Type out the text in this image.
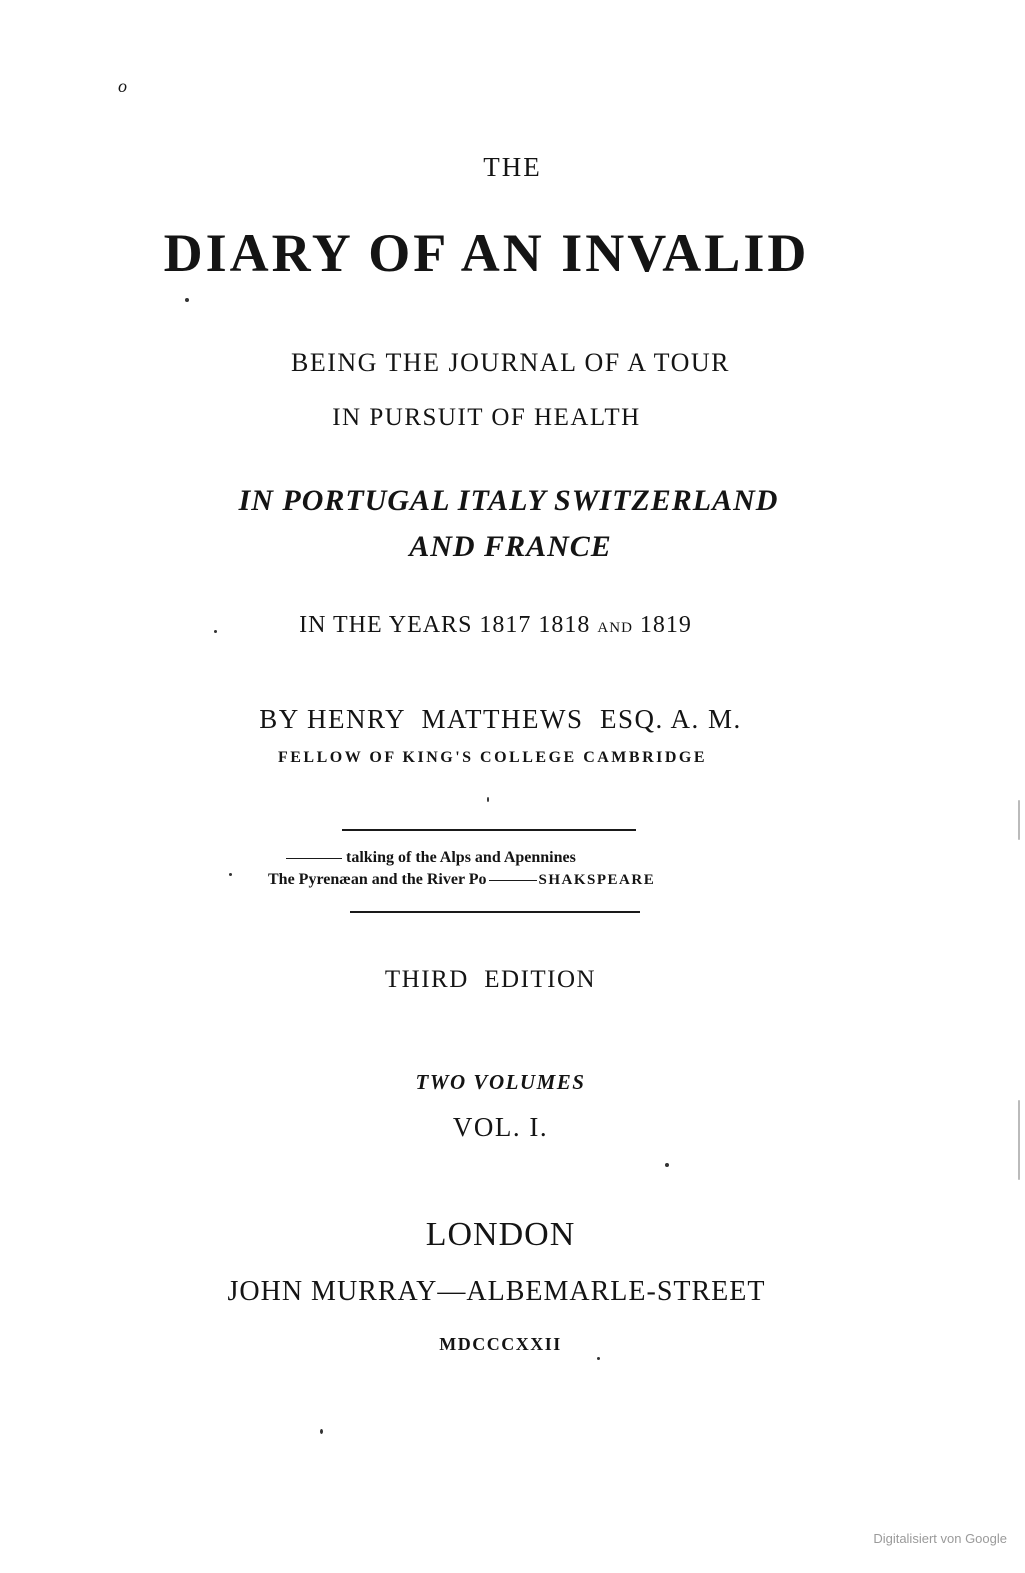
o
THE
DIARY OF AN INVALID
BEING THE JOURNAL OF A TOUR
IN PURSUIT OF HEALTH
IN PORTUGAL ITALY SWITZERLAND
AND FRANCE
IN THE YEARS 1817 1818 AND 1819
BY HENRY  MATTHEWS  ESQ. A. M.
FELLOW OF KING'S COLLEGE CAMBRIDGE
talking of the Alps and Apennines
The Pyrenæan and the River Po	SHAKSPEARE
THIRD  EDITION
TWO VOLUMES
VOL. I.
LONDON
JOHN MURRAY—ALBEMARLE-STREET
MDCCCXXII
Digitalisiert von Google
